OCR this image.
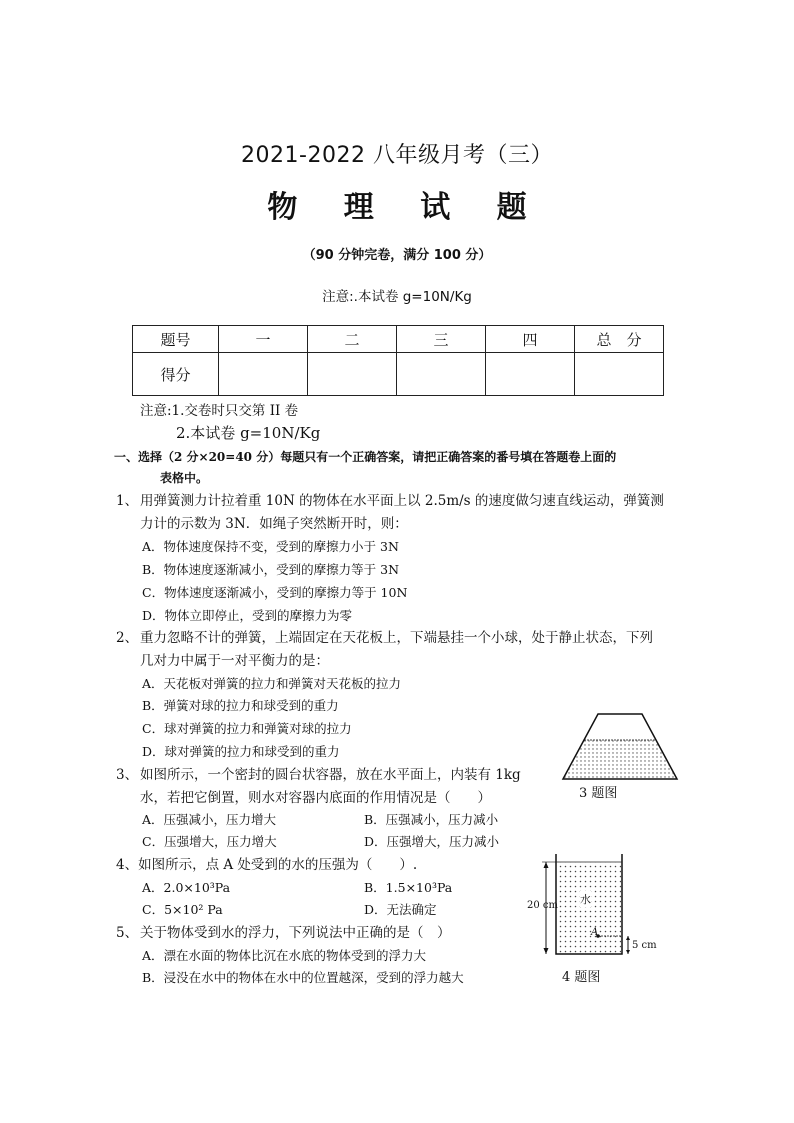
2021-2022 八年级月考（三）
物 理 试 题
（90 分钟完卷，满分 100 分）
注意:.本试卷 g=10N/Kg
题号	一	二	三	四	总　分
得分					
注意:1.交卷时只交第 II 卷
2.本试卷 g=10N/Kg
一、选择（2 分×20=40 分）每题只有一个正确答案，请把正确答案的番号填在答题卷上面的
表格中。
1、 用弹簧测力计拉着重 10N 的物体在水平面上以 2.5m/s 的速度做匀速直线运动，弹簧测
力计的示数为 3N．如绳子突然断开时，则：
A．物体速度保持不变，受到的摩擦力小于 3N
B．物体速度逐渐减小，受到的摩擦力等于 3N
C．物体速度逐渐减小，受到的摩擦力等于 10N
D．物体立即停止，受到的摩擦力为零
2、 重力忽略不计的弹簧，上端固定在天花板上，下端悬挂一个小球，处于静止状态，下列
几对力中属于一对平衡力的是：
A．天花板对弹簧的拉力和弹簧对天花板的拉力
B．弹簧对球的拉力和球受到的重力
C．球对弹簧的拉力和弹簧对球的拉力
D．球对弹簧的拉力和球受到的重力
3 题图
3、 如图所示，一个密封的圆台状容器，放在水平面上，内装有 1kg
水，若把它倒置，则水对容器内底面的作用情况是（　　）
A．压强减小，压力增大	B．压强减小，压力减小
C．压强增大，压力增大	D．压强增大，压力减小
4、如图所示，点 A 处受到的水的压强为（　　）.
A．2.0×10³Pa	B．1.5×10³Pa
C．5×10² Pa	D．无法确定	20 cm 水
A
5 cm
4 题图
5、 关于物体受到水的浮力，下列说法中正确的是（　）
A．漂在水面的物体比沉在水底的物体受到的浮力大
B．浸没在水中的物体在水中的位置越深，受到的浮力越大
